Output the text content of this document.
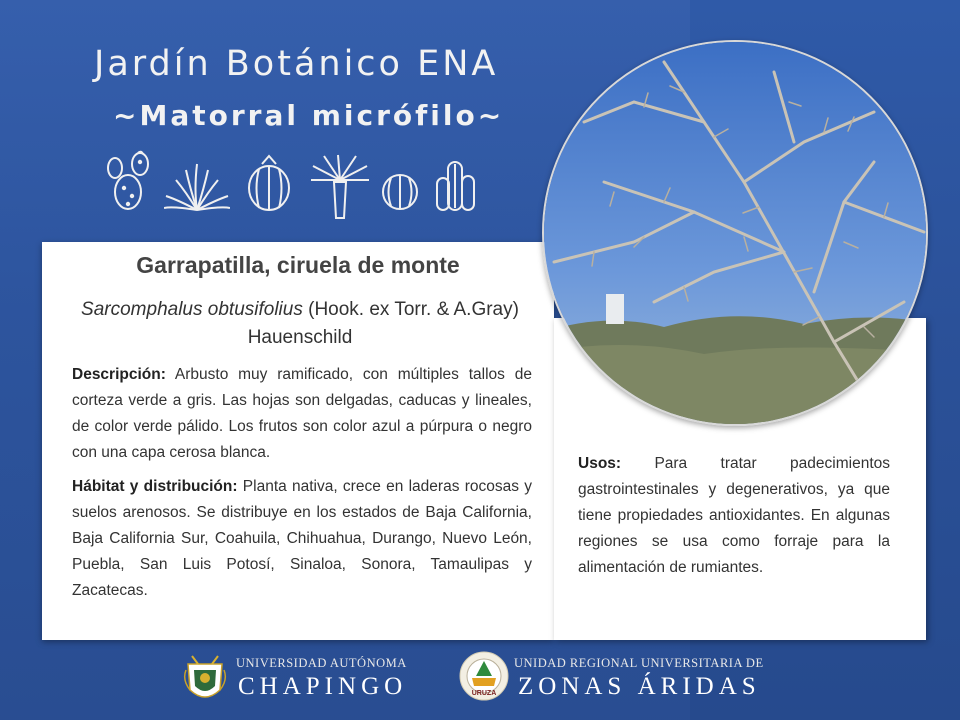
Jardín Botánico ENA
~Matorral micrófilo~
Garrapatilla, ciruela de monte
Sarcomphalus obtusifolius (Hook. ex Torr. & A.Gray) Hauenschild
Descripción: Arbusto muy ramificado, con múltiples tallos de corteza verde a gris. Las hojas son delgadas, caducas y lineales, de color verde pálido. Los frutos son color azul a púrpura o negro con una capa cerosa blanca.
Hábitat y distribución: Planta nativa, crece en laderas rocosas y suelos arenosos. Se distribuye en los estados de Baja California, Baja California Sur, Coahuila, Chihuahua, Durango, Nuevo León, Puebla, San Luis Potosí, Sinaloa, Sonora, Tamaulipas y Zacatecas.
Usos: Para tratar padecimientos gastrointestinales y degenerativos, ya que tiene propiedades antioxidantes. En algunas regiones se usa como forraje para la alimentación de rumiantes.
UNIVERSIDAD AUTÓNOMA
CHAPINGO	URUZA
UNIDAD REGIONAL UNIVERSITARIA DE
ZONAS ÁRIDAS
